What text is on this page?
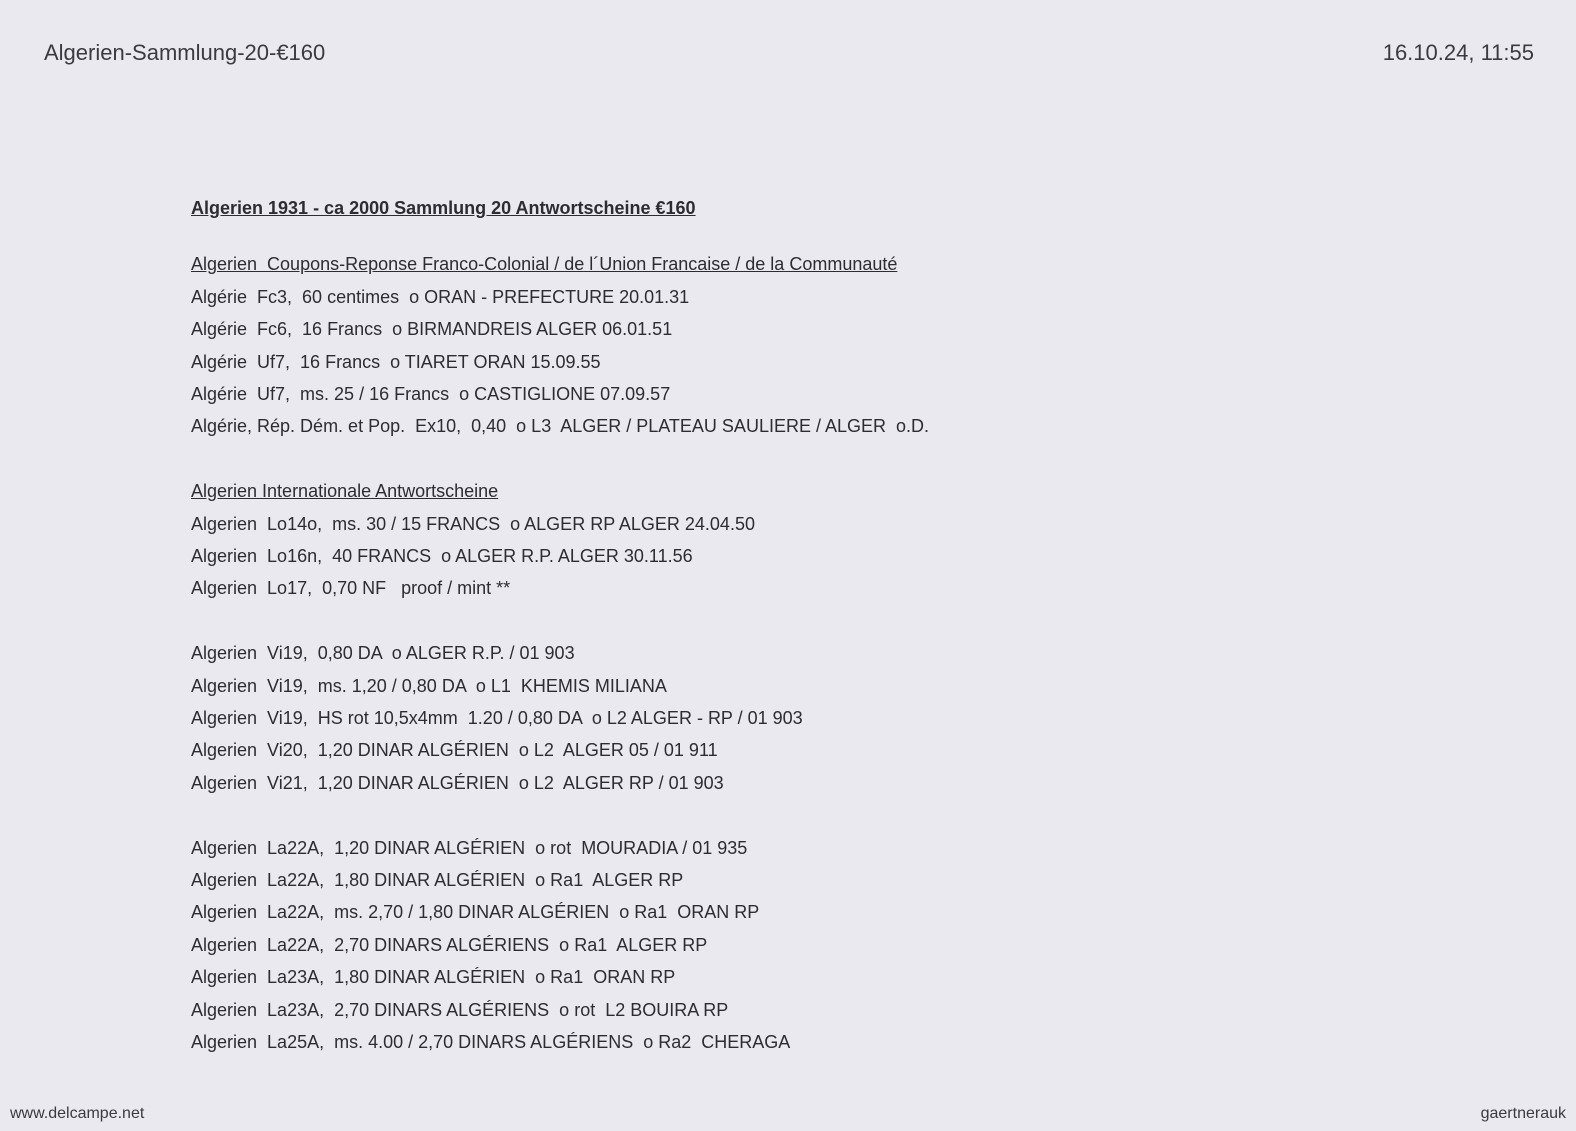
Algerien-Sammlung-20-€160	16.10.24, 11:55
Algerien 1931 - ca 2000 Sammlung 20 Antwortscheine €160
Algerien  Coupons-Reponse Franco-Colonial / de l´Union Francaise / de la Communauté
Algérie  Fc3,  60 centimes  o ORAN - PREFECTURE 20.01.31
Algérie  Fc6,  16 Francs  o BIRMANDREIS ALGER 06.01.51
Algérie  Uf7,  16 Francs  o TIARET ORAN 15.09.55
Algérie  Uf7,  ms. 25 / 16 Francs  o CASTIGLIONE 07.09.57
Algérie, Rép. Dém. et Pop.  Ex10,  0,40  o L3  ALGER / PLATEAU SAULIERE / ALGER  o.D.
Algerien Internationale Antwortscheine
Algerien  Lo14o,  ms. 30 / 15 FRANCS  o ALGER RP ALGER 24.04.50
Algerien  Lo16n,  40 FRANCS  o ALGER R.P. ALGER 30.11.56
Algerien  Lo17,  0,70 NF   proof / mint **
Algerien  Vi19,  0,80 DA  o ALGER R.P. / 01 903
Algerien  Vi19,  ms. 1,20 / 0,80 DA  o L1  KHEMIS MILIANA
Algerien  Vi19,  HS rot 10,5x4mm  1.20 / 0,80 DA  o L2 ALGER - RP / 01 903
Algerien  Vi20,  1,20 DINAR ALGÉRIEN  o L2  ALGER 05 / 01 911
Algerien  Vi21,  1,20 DINAR ALGÉRIEN  o L2  ALGER RP / 01 903
Algerien  La22A,  1,20 DINAR ALGÉRIEN  o rot  MOURADIA / 01 935
Algerien  La22A,  1,80 DINAR ALGÉRIEN  o Ra1  ALGER RP
Algerien  La22A,  ms. 2,70 / 1,80 DINAR ALGÉRIEN  o Ra1  ORAN RP
Algerien  La22A,  2,70 DINARS ALGÉRIENS  o Ra1  ALGER RP
Algerien  La23A,  1,80 DINAR ALGÉRIEN  o Ra1  ORAN RP
Algerien  La23A,  2,70 DINARS ALGÉRIENS  o rot  L2 BOUIRA RP
Algerien  La25A,  ms. 4.00 / 2,70 DINARS ALGÉRIENS  o Ra2  CHERAGA
www.delcampe.net	gaertnerauk
